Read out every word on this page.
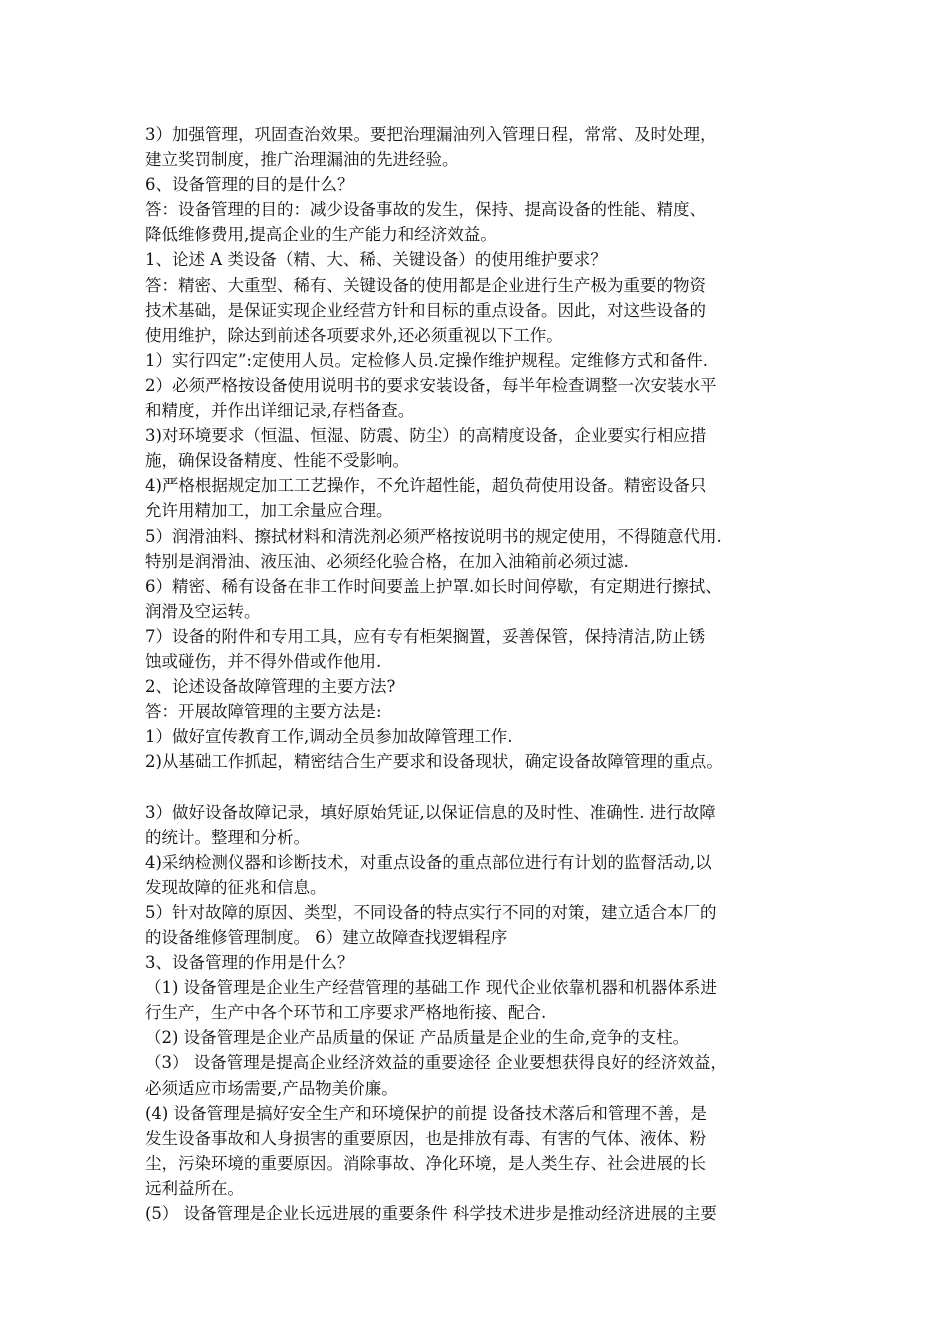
3）加强管理，巩固查治效果。要把治理漏油列入管理日程，常常、及时处理，
建立奖罚制度，推广治理漏油的先进经验。
6、设备管理的目的是什么？
答：设备管理的目的：减少设备事故的发生，保持、提高设备的性能、精度、
降低维修费用,提高企业的生产能力和经济效益。
1、论述 A 类设备（精、大、稀、关键设备）的使用维护要求？
答：精密、大重型、稀有、关键设备的使用都是企业进行生产极为重要的物资
技术基础，是保证实现企业经营方针和目标的重点设备。因此，对这些设备的
使用维护，除达到前述各项要求外,还必须重视以下工作。
1）实行四定”:定使用人员。定检修人员.定操作维护规程。定维修方式和备件.
2）必须严格按设备使用说明书的要求安装设备，每半年检查调整一次安装水平
和精度，并作出详细记录,存档备查。
3)对环境要求（恒温、恒湿、防震、防尘）的高精度设备，企业要实行相应措
施，确保设备精度、性能不受影响。
4)严格根据规定加工工艺操作，不允许超性能，超负荷使用设备。精密设备只
允许用精加工，加工余量应合理。
5）润滑油料、擦拭材料和清洗剂必须严格按说明书的规定使用，不得随意代用.
特别是润滑油、液压油、必须经化验合格，在加入油箱前必须过滤.
6）精密、稀有设备在非工作时间要盖上护罩.如长时间停歇，有定期进行擦拭、
润滑及空运转。
7）设备的附件和专用工具，应有专有柜架搁置，妥善保管，保持清洁,防止锈
蚀或碰伤，并不得外借或作他用.
2、论述设备故障管理的主要方法?
答：开展故障管理的主要方法是:
1）做好宣传教育工作,调动全员参加故障管理工作.
2)从基础工作抓起，精密结合生产要求和设备现状，确定设备故障管理的重点。
3）做好设备故障记录，填好原始凭证,以保证信息的及时性、准确性. 进行故障
的统计。整理和分析。
4)采纳检测仪器和诊断技术，对重点设备的重点部位进行有计划的监督活动,以
发现故障的征兆和信息。
5）针对故障的原因、类型，不同设备的特点实行不同的对策，建立适合本厂的
的设备维修管理制度。 6）建立故障查找逻辑程序
3、设备管理的作用是什么？
（1) 设备管理是企业生产经营管理的基础工作 现代企业依靠机器和机器体系进
行生产，生产中各个环节和工序要求严格地衔接、配合.
（2) 设备管理是企业产品质量的保证 产品质量是企业的生命,竞争的支柱。
（3） 设备管理是提高企业经济效益的重要途径 企业要想获得良好的经济效益，
必须适应市场需要,产品物美价廉。
(4) 设备管理是搞好安全生产和环境保护的前提 设备技术落后和管理不善，是
发生设备事故和人身损害的重要原因，也是排放有毒、有害的气体、液体、粉
尘，污染环境的重要原因。消除事故、净化环境，是人类生存、社会进展的长
远利益所在。
(5） 设备管理是企业长远进展的重要条件 科学技术进步是推动经济进展的主要
